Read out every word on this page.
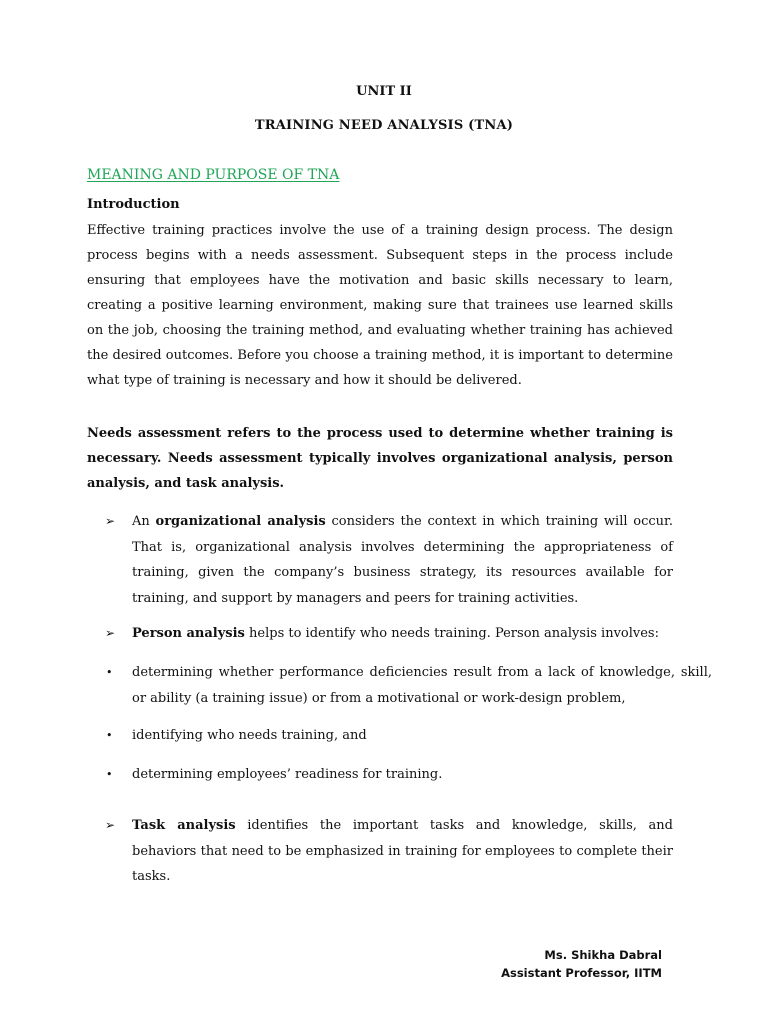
UNIT II
TRAINING NEED ANALYSIS (TNA)
MEANING AND PURPOSE OF TNA
Introduction
Effective training practices involve the use of a training design process. The design process begins with a needs assessment. Subsequent steps in the process include ensuring that employees have the motivation and basic skills necessary to learn, creating a positive learning environment, making sure that trainees use learned skills on the job, choosing the training method, and evaluating whether training has achieved the desired outcomes. Before you choose a training method, it is important to determine what type of training is necessary and how it should be delivered.
Needs assessment refers to the process used to determine whether training is necessary. Needs assessment typically involves organizational analysis, person analysis, and task analysis.
➢ An organizational analysis considers the context in which training will occur. That is, organizational analysis involves determining the appropriateness of training, given the company’s business strategy, its resources available for training, and support by managers and peers for training activities.
➢ Person analysis helps to identify who needs training. Person analysis involves:
• determining whether performance deficiencies result from a lack of knowledge, skill, or ability (a training issue) or from a motivational or work-design problem,
• identifying who needs training, and
• determining employees’ readiness for training.
➢ Task analysis identifies the important tasks and knowledge, skills, and behaviors that need to be emphasized in training for employees to complete their tasks.
Ms. Shikha Dabral
Assistant Professor, IITM
